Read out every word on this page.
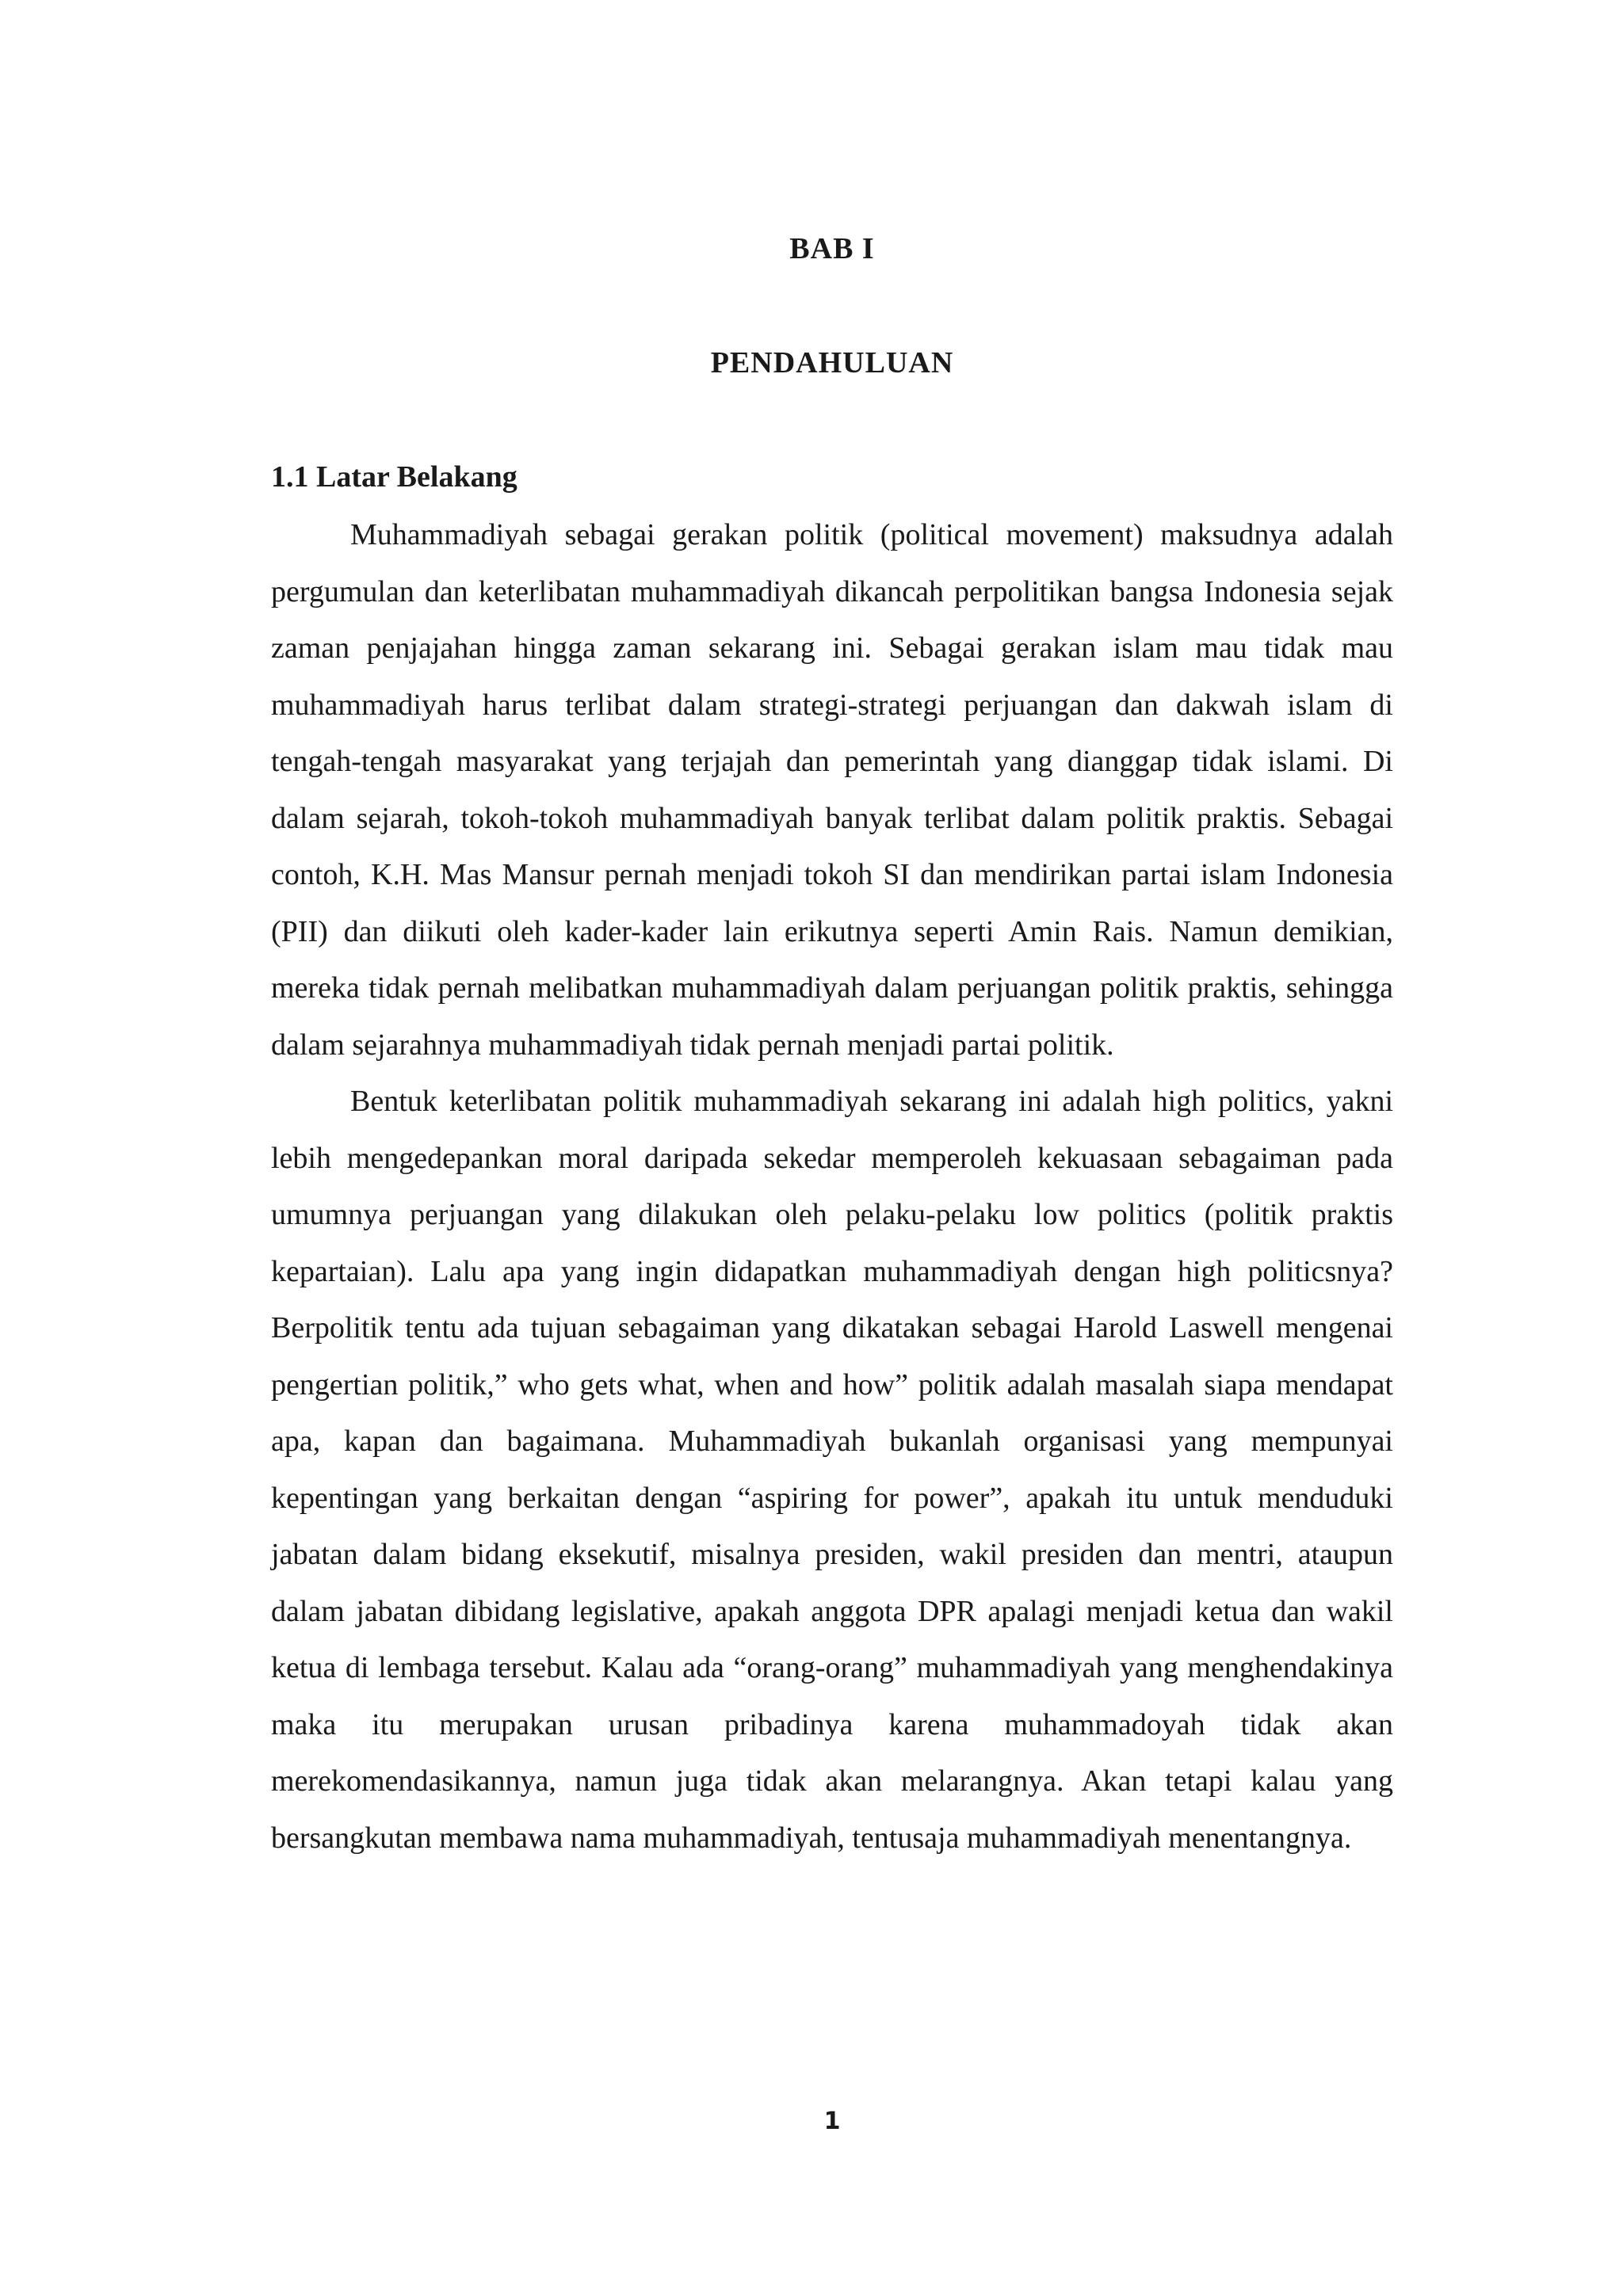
BAB I
PENDAHULUAN
1.1 Latar Belakang

Muhammadiyah sebagai gerakan politik (political movement) maksudnya adalah pergumulan dan keterlibatan muhammadiyah dikancah perpolitikan bangsa Indonesia sejak zaman penjajahan hingga zaman sekarang ini. Sebagai gerakan islam mau tidak mau muhammadiyah harus terlibat dalam strategi-strategi perjuangan dan dakwah islam di tengah-tengah masyarakat yang terjajah dan pemerintah yang dianggap tidak islami. Di dalam sejarah, tokoh-tokoh muhammadiyah banyak terlibat dalam politik praktis. Sebagai contoh, K.H. Mas Mansur pernah menjadi tokoh SI dan mendirikan partai islam Indonesia (PII) dan diikuti oleh kader-kader lain erikutnya seperti Amin Rais. Namun demikian, mereka tidak pernah melibatkan muhammadiyah dalam perjuangan politik praktis, sehingga dalam sejarahnya muhammadiyah tidak pernah menjadi partai politik.

Bentuk keterlibatan politik muhammadiyah sekarang ini adalah high politics, yakni lebih mengedepankan moral daripada sekedar memperoleh kekuasaan sebagaiman pada umumnya perjuangan yang dilakukan oleh pelaku-pelaku low politics (politik praktis kepartaian). Lalu apa yang ingin didapatkan muhammadiyah dengan high politicsnya? Berpolitik tentu ada tujuan sebagaiman yang dikatakan sebagai Harold Laswell mengenai pengertian politik,” who gets what, when and how” politik adalah masalah siapa mendapat apa, kapan dan bagaimana. Muhammadiyah bukanlah organisasi yang mempunyai kepentingan yang berkaitan dengan “aspiring for power”, apakah itu untuk menduduki jabatan dalam bidang eksekutif, misalnya presiden, wakil presiden dan mentri, ataupun dalam jabatan dibidang legislative, apakah anggota DPR apalagi menjadi ketua dan wakil ketua di lembaga tersebut. Kalau ada “orang-orang” muhammadiyah yang menghendakinya maka itu merupakan urusan pribadinya karena muhammadoyah tidak akan merekomendasikannya, namun juga tidak akan melarangnya. Akan tetapi kalau yang bersangkutan membawa nama muhammadiyah, tentusaja muhammadiyah menentangnya.

1
